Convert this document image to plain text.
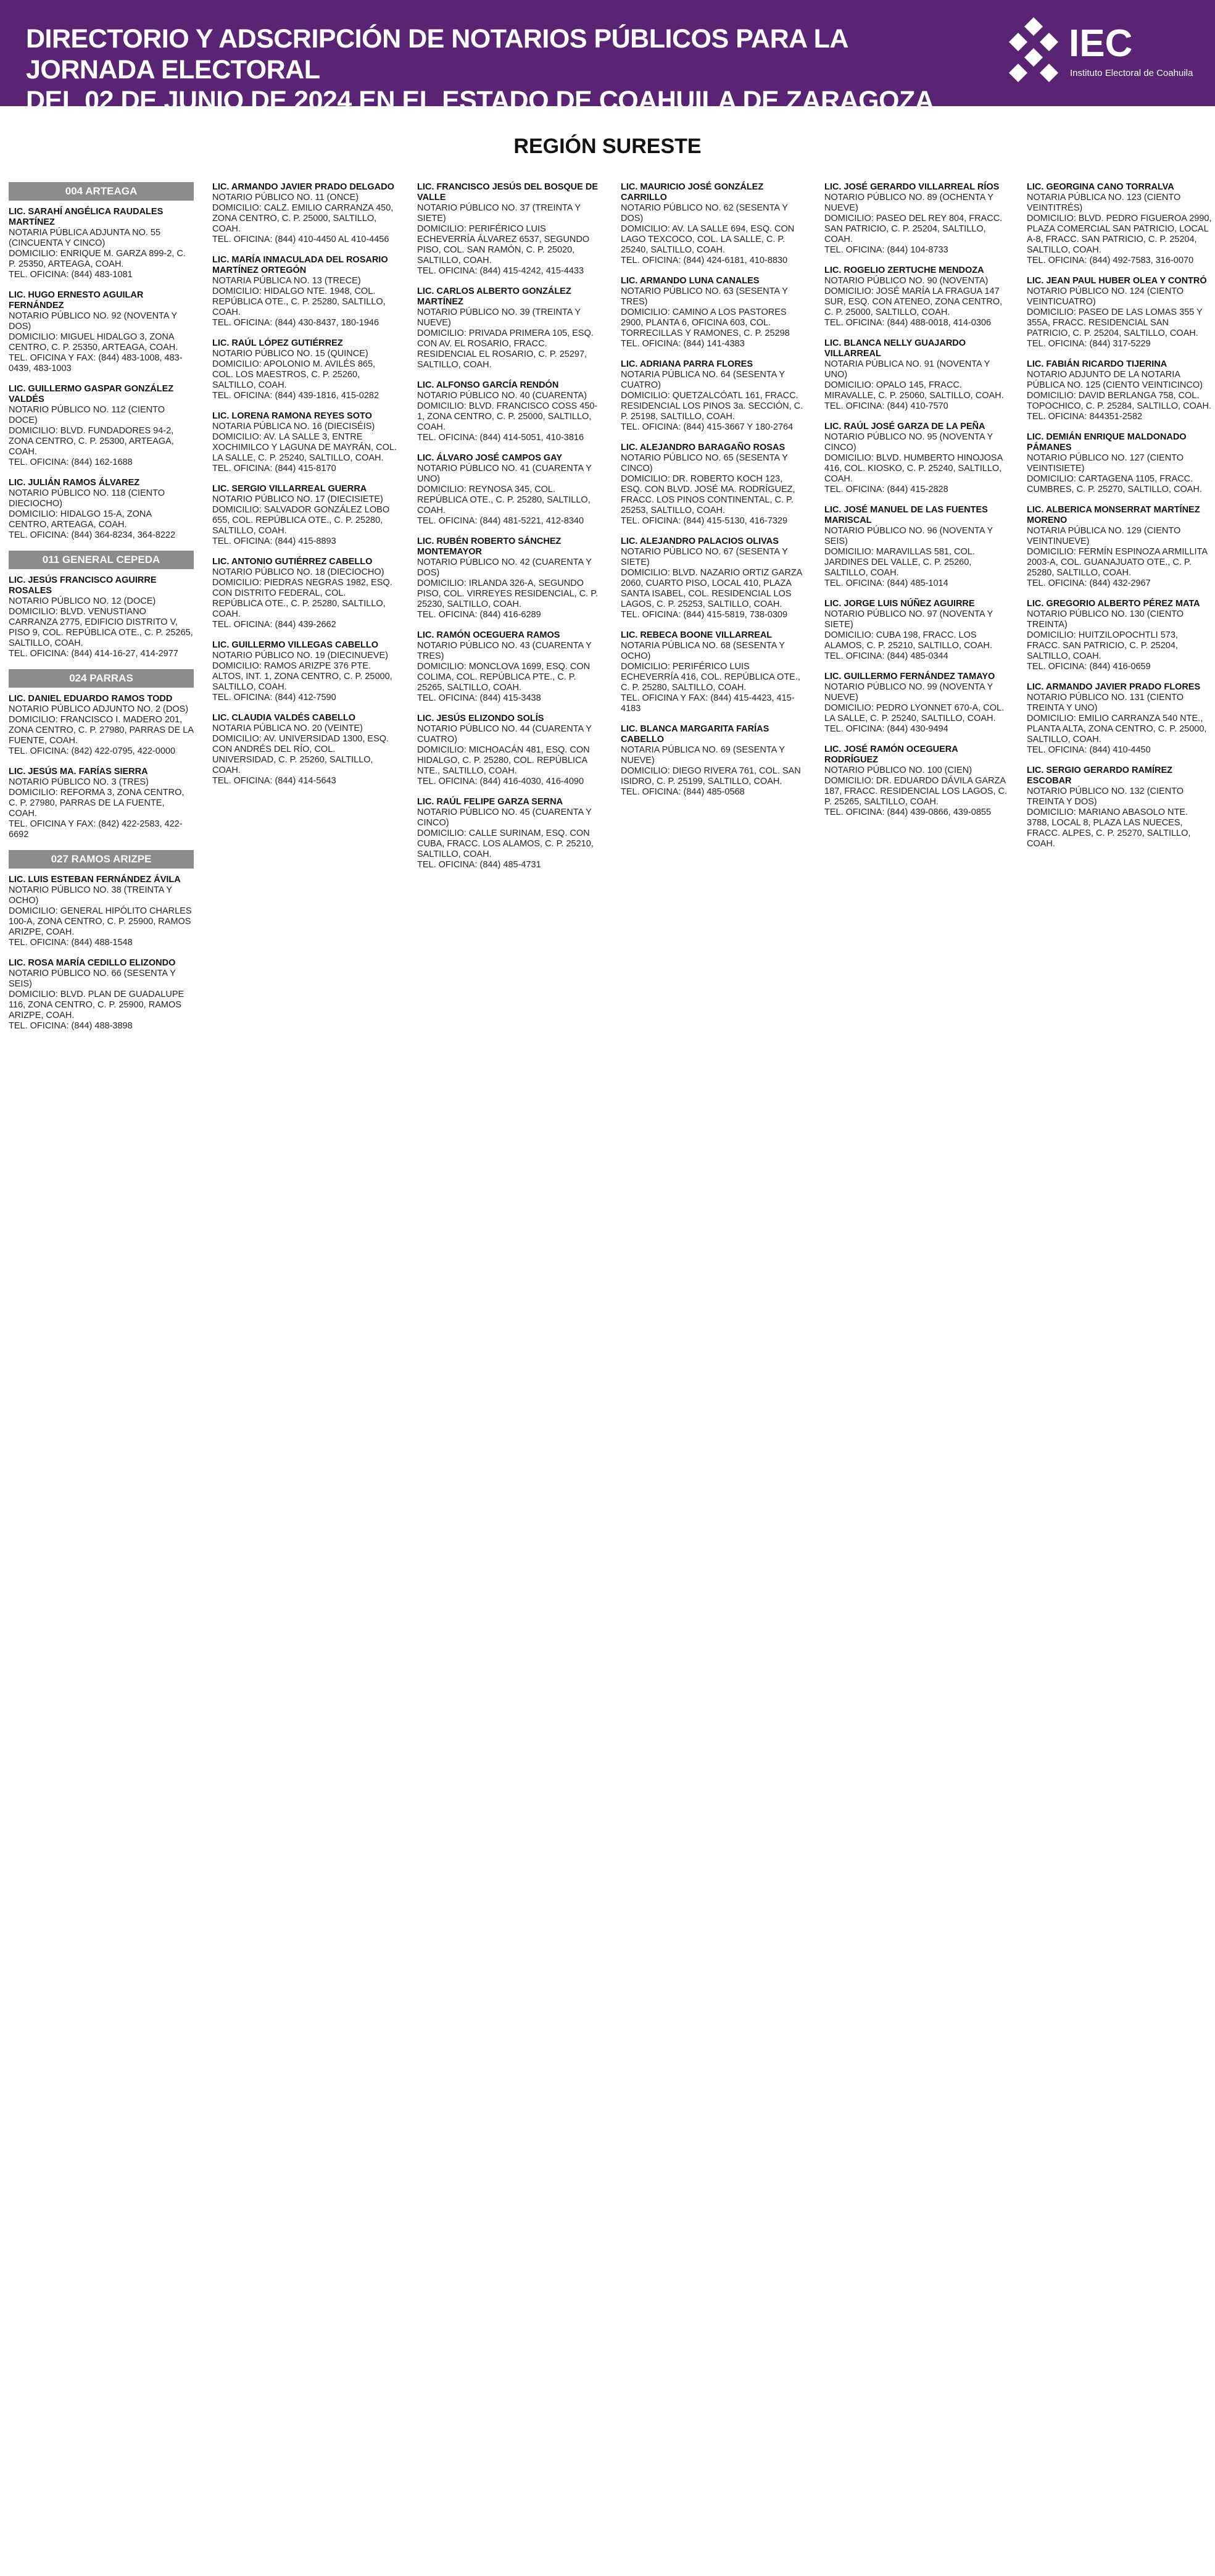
DIRECTORIO Y ADSCRIPCIÓN DE NOTARIOS PÚBLICOS PARA LA JORNADA ELECTORAL
DEL 02 DE JUNIO DE 2024 EN EL ESTADO DE COAHUILA DE ZARAGOZA
IEC
Instituto Electoral de Coahuila
REGIÓN SURESTE
004 ARTEAGA
LIC. SARAHÍ ANGÉLICA RAUDALES MARTÍNEZ
NOTARIA PÚBLICA ADJUNTA NO. 55 (CINCUENTA Y CINCO)
DOMICILIO: ENRIQUE M. GARZA 899-2, C. P. 25350, ARTEAGA, COAH.
TEL. OFICINA: (844) 483-1081
LIC. HUGO ERNESTO AGUILAR FERNÁNDEZ
NOTARIO PÚBLICO NO. 92 (NOVENTA Y DOS)
DOMICILIO: MIGUEL HIDALGO 3, ZONA CENTRO, C. P. 25350, ARTEAGA, COAH.
TEL. OFICINA Y FAX: (844) 483-1008, 483-0439, 483-1003
LIC. GUILLERMO GASPAR GONZÁLEZ VALDÉS
NOTARIO PÚBLICO NO. 112 (CIENTO DOCE)
DOMICILIO: BLVD. FUNDADORES 94-2, ZONA CENTRO, C. P. 25300, ARTEAGA, COAH.
TEL. OFICINA: (844) 162-1688
LIC. JULIÁN RAMOS ÁLVAREZ
NOTARIO PÚBLICO NO. 118 (CIENTO DIECIOCHO)
DOMICILIO: HIDALGO 15-A, ZONA CENTRO, ARTEAGA, COAH.
TEL. OFICINA: (844) 364-8234, 364-8222
011 GENERAL CEPEDA
LIC. JESÚS FRANCISCO AGUIRRE ROSALES
NOTARIO PÚBLICO NO. 12 (DOCE)
DOMICILIO: BLVD. VENUSTIANO CARRANZA 2775, EDIFICIO DISTRITO V, PISO 9, COL. REPÚBLICA OTE., C. P. 25265, SALTILLO, COAH.
TEL. OFICINA: (844) 414-16-27, 414-2977
024 PARRAS
LIC. DANIEL EDUARDO RAMOS TODD
NOTARIO PÚBLICO ADJUNTO NO. 2 (DOS)
DOMICILIO: FRANCISCO I. MADERO 201, ZONA CENTRO, C. P. 27980, PARRAS DE LA FUENTE, COAH.
TEL. OFICINA: (842) 422-0795, 422-0000
LIC. JESÚS MA. FARÍAS SIERRA
NOTARIO PÚBLICO NO. 3 (TRES)
DOMICILIO: REFORMA 3, ZONA CENTRO, C. P. 27980, PARRAS DE LA FUENTE, COAH.
TEL. OFICINA Y FAX: (842) 422-2583, 422-6692
027 RAMOS ARIZPE
LIC. LUIS ESTEBAN FERNÁNDEZ ÁVILA
NOTARIO PÚBLICO NO. 38 (TREINTA Y OCHO)
DOMICILIO: GENERAL HIPÓLITO CHARLES 100-A, ZONA CENTRO, C. P. 25900, RAMOS ARIZPE, COAH.
TEL. OFICINA: (844) 488-1548
LIC. ROSA MARÍA CEDILLO ELIZONDO
NOTARIO PÚBLICO NO. 66 (SESENTA Y SEIS)
DOMICILIO: BLVD. PLAN DE GUADALUPE 116, ZONA CENTRO, C. P. 25900, RAMOS ARIZPE, COAH.
TEL. OFICINA: (844) 488-3898
LIC. ARMANDO JAVIER PRADO DELGADO
NOTARIO PÚBLICO NO. 11 (ONCE)
DOMICILIO: CALZ. EMILIO CARRANZA 450, ZONA CENTRO, C. P. 25000, SALTILLO, COAH.
TEL. OFICINA: (844) 410-4450 AL 410-4456
LIC. MARÍA INMACULADA DEL ROSARIO MARTÍNEZ ORTEGÓN
NOTARIA PÚBLICA NO. 13 (TRECE)
DOMICILIO: HIDALGO NTE. 1948, COL. REPÚBLICA OTE., C. P. 25280, SALTILLO, COAH.
TEL. OFICINA: (844) 430-8437, 180-1946
LIC. RAÚL LÓPEZ GUTIÉRREZ
NOTARIO PÚBLICO NO. 15 (QUINCE)
DOMICILIO: APOLONIO M. AVILÉS 865, COL. LOS MAESTROS, C. P. 25260, SALTILLO, COAH.
TEL. OFICINA: (844) 439-1816, 415-0282
LIC. LORENA RAMONA REYES SOTO
NOTARIA PÚBLICA NO. 16 (DIECISÉIS)
DOMICILIO: AV. LA SALLE 3, ENTRE XOCHIMILCO Y LAGUNA DE MAYRÁN, COL. LA SALLE, C. P. 25240, SALTILLO, COAH.
TEL. OFICINA: (844) 415-8170
LIC. SERGIO VILLARREAL GUERRA
NOTARIO PÚBLICO NO. 17 (DIECISIETE)
DOMICILIO: SALVADOR GONZÁLEZ LOBO 655, COL. REPÚBLICA OTE., C. P. 25280, SALTILLO, COAH.
TEL. OFICINA: (844) 415-8893
LIC. ANTONIO GUTIÉRREZ CABELLO
NOTARIO PÚBLICO NO. 18 (DIECIOCHO)
DOMICILIO: PIEDRAS NEGRAS 1982, ESQ. CON DISTRITO FEDERAL, COL. REPÚBLICA OTE., C. P. 25280, SALTILLO, COAH.
TEL. OFICINA: (844) 439-2662
LIC. GUILLERMO VILLEGAS CABELLO
NOTARIO PÚBLICO NO. 19 (DIECINUEVE)
DOMICILIO: RAMOS ARIZPE 376 PTE. ALTOS, INT. 1, ZONA CENTRO, C. P. 25000, SALTILLO, COAH.
TEL. OFICINA: (844) 412-7590
LIC. CLAUDIA VALDÉS CABELLO
NOTARIA PÚBLICA NO. 20 (VEINTE)
DOMICILIO: AV. UNIVERSIDAD 1300, ESQ. CON ANDRÉS DEL RÍO, COL. UNIVERSIDAD, C. P. 25260, SALTILLO, COAH.
TEL. OFICINA: (844) 414-5643
LIC. FRANCISCO JESÚS DEL BOSQUE DE VALLE
NOTARIO PÚBLICO NO. 37 (TREINTA Y SIETE)
DOMICILIO: PERIFÉRICO LUIS ECHEVERRÍA ÁLVAREZ 6537, SEGUNDO PISO, COL. SAN RAMÓN, C. P. 25020, SALTILLO, COAH.
TEL. OFICINA: (844) 415-4242, 415-4433
LIC. CARLOS ALBERTO GONZÁLEZ MARTÍNEZ
NOTARIO PÚBLICO NO. 39 (TREINTA Y NUEVE)
DOMICILIO: PRIVADA PRIMERA 105, ESQ. CON AV. EL ROSARIO, FRACC. RESIDENCIAL EL ROSARIO, C. P. 25297, SALTILLO, COAH.
LIC. ALFONSO GARCÍA RENDÓN
NOTARIO PÚBLICO NO. 40 (CUARENTA)
DOMICILIO: BLVD. FRANCISCO COSS 450-1, ZONA CENTRO, C. P. 25000, SALTILLO, COAH.
TEL. OFICINA: (844) 414-5051, 410-3816
LIC. ÁLVARO JOSÉ CAMPOS GAY
NOTARIO PÚBLICO NO. 41 (CUARENTA Y UNO)
DOMICILIO: REYNOSA 345, COL. REPÚBLICA OTE., C. P. 25280, SALTILLO, COAH.
TEL. OFICINA: (844) 481-5221, 412-8340
LIC. RUBÉN ROBERTO SÁNCHEZ MONTEMAYOR
NOTARIO PÚBLICO NO. 42 (CUARENTA Y DOS)
DOMICILIO: IRLANDA 326-A, SEGUNDO PISO, COL. VIRREYES RESIDENCIAL, C. P. 25230, SALTILLO, COAH.
TEL. OFICINA: (844) 416-6289
LIC. RAMÓN OCEGUERA RAMOS
NOTARIO PÚBLICO NO. 43 (CUARENTA Y TRES)
DOMICILIO: MONCLOVA 1699, ESQ. CON COLIMA, COL. REPÚBLICA PTE., C. P. 25265, SALTILLO, COAH.
TEL. OFICINA: (844) 415-3438
LIC. JESÚS ELIZONDO SOLÍS
NOTARIO PÚBLICO NO. 44 (CUARENTA Y CUATRO)
DOMICILIO: MICHOACÁN 481, ESQ. CON HIDALGO, C. P. 25280, COL. REPÚBLICA NTE., SALTILLO, COAH.
TEL. OFICINA: (844) 416-4030, 416-4090
LIC. RAÚL FELIPE GARZA SERNA
NOTARIO PÚBLICO NO. 45 (CUARENTA Y CINCO)
DOMICILIO: CALLE SURINAM, ESQ. CON CUBA, FRACC. LOS ALAMOS, C. P. 25210, SALTILLO, COAH.
TEL. OFICINA: (844) 485-4731
LIC. MAURICIO JOSÉ GONZÁLEZ CARRILLO
NOTARIO PÚBLICO NO. 62 (SESENTA Y DOS)
DOMICILIO: AV. LA SALLE 694, ESQ. CON LAGO TEXCOCO, COL. LA SALLE, C. P. 25240, SALTILLO, COAH.
TEL. OFICINA: (844) 424-6181, 410-8830
LIC. ARMANDO LUNA CANALES
NOTARIO PÚBLICO NO. 63 (SESENTA Y TRES)
DOMICILIO: CAMINO A LOS PASTORES 2900, PLANTA 6, OFICINA 603, COL. TORRECILLAS Y RAMONES, C. P. 25298
TEL. OFICINA: (844) 141-4383
LIC. ADRIANA PARRA FLORES
NOTARIA PÚBLICA NO. 64 (SESENTA Y CUATRO)
DOMICILIO: QUETZALCÓATL 161, FRACC. RESIDENCIAL LOS PINOS 3a. SECCIÓN, C. P. 25198, SALTILLO, COAH.
TEL. OFICINA: (844) 415-3667 Y 180-2764
LIC. ALEJANDRO BARAGAÑO ROSAS
NOTARIO PÚBLICO NO. 65 (SESENTA Y CINCO)
DOMICILIO: DR. ROBERTO KOCH 123, ESQ. CON BLVD. JOSÉ MA. RODRÍGUEZ, FRACC. LOS PINOS CONTINENTAL, C. P. 25253, SALTILLO, COAH.
TEL. OFICINA: (844) 415-5130, 416-7329
LIC. ALEJANDRO PALACIOS OLIVAS
NOTARIO PÚBLICO NO. 67 (SESENTA Y SIETE)
DOMICILIO: BLVD. NAZARIO ORTIZ GARZA 2060, CUARTO PISO, LOCAL 410, PLAZA SANTA ISABEL, COL. RESIDENCIAL LOS LAGOS, C. P. 25253, SALTILLO, COAH.
TEL. OFICINA: (844) 415-5819, 738-0309
LIC. REBECA BOONE VILLARREAL
NOTARIA PÚBLICA NO. 68 (SESENTA Y OCHO)
DOMICILIO: PERIFÉRICO LUIS ECHEVERRÍA 416, COL. REPÚBLICA OTE., C. P. 25280, SALTILLO, COAH.
TEL. OFICINA Y FAX: (844) 415-4423, 415-4183
LIC. BLANCA MARGARITA FARÍAS CABELLO
NOTARIA PÚBLICA NO. 69 (SESENTA Y NUEVE)
DOMICILIO: DIEGO RIVERA 761, COL. SAN ISIDRO, C. P. 25199, SALTILLO, COAH.
TEL. OFICINA: (844) 485-0568
LIC. JOSÉ GERARDO VILLARREAL RÍOS
NOTARIO PÚBLICO NO. 89 (OCHENTA Y NUEVE)
DOMICILIO: PASEO DEL REY 804, FRACC. SAN PATRICIO, C. P. 25204, SALTILLO, COAH.
TEL. OFICINA: (844) 104-8733
LIC. ROGELIO ZERTUCHE MENDOZA
NOTARIO PÚBLICO NO. 90 (NOVENTA)
DOMICILIO: JOSÉ MARÍA LA FRAGUA 147 SUR, ESQ. CON ATENEO, ZONA CENTRO, C. P. 25000, SALTILLO, COAH.
TEL. OFICINA: (844) 488-0018, 414-0306
LIC. BLANCA NELLY GUAJARDO VILLARREAL
NOTARIA PÚBLICA NO. 91 (NOVENTA Y UNO)
DOMICILIO: OPALO 145, FRACC. MIRAVALLE, C. P. 25060, SALTILLO, COAH.
TEL. OFICINA: (844) 410-7570
LIC. RAÚL JOSÉ GARZA DE LA PEÑA
NOTARIO PÚBLICO NO. 95 (NOVENTA Y CINCO)
DOMICILIO: BLVD. HUMBERTO HINOJOSA 416, COL. KIOSKO, C. P. 25240, SALTILLO, COAH.
TEL. OFICINA: (844) 415-2828
LIC. JOSÉ MANUEL DE LAS FUENTES MARISCAL
NOTARIO PÚBLICO NO. 96 (NOVENTA Y SEIS)
DOMICILIO: MARAVILLAS 581, COL. JARDINES DEL VALLE, C. P. 25260, SALTILLO, COAH.
TEL. OFICINA: (844) 485-1014
LIC. JORGE LUIS NÚÑEZ AGUIRRE
NOTARIO PÚBLICO NO. 97 (NOVENTA Y SIETE)
DOMICILIO: CUBA 198, FRACC. LOS ALAMOS, C. P. 25210, SALTILLO, COAH.
TEL. OFICINA: (844) 485-0344
LIC. GUILLERMO FERNÁNDEZ TAMAYO
NOTARIO PÚBLICO NO. 99 (NOVENTA Y NUEVE)
DOMICILIO: PEDRO LYONNET 670-A, COL. LA SALLE, C. P. 25240, SALTILLO, COAH.
TEL. OFICINA: (844) 430-9494
LIC. JOSÉ RAMÓN OCEGUERA RODRÍGUEZ
NOTARIO PÚBLICO NO. 100 (CIEN)
DOMICILIO: DR. EDUARDO DÁVILA GARZA 187, FRACC. RESIDENCIAL LOS LAGOS, C. P. 25265, SALTILLO, COAH.
TEL. OFICINA: (844) 439-0866, 439-0855
LIC. GEORGINA CANO TORRALVA
NOTARIA PÚBLICA NO. 123 (CIENTO VEINTITRÉS)
DOMICILIO: BLVD. PEDRO FIGUEROA 2990, PLAZA COMERCIAL SAN PATRICIO, LOCAL A-8, FRACC. SAN PATRICIO, C. P. 25204, SALTILLO, COAH.
TEL. OFICINA: (844) 492-7583, 316-0070
LIC. JEAN PAUL HUBER OLEA Y CONTRÓ
NOTARIO PÚBLICO NO. 124 (CIENTO VEINTICUATRO)
DOMICILIO: PASEO DE LAS LOMAS 355 Y 355A, FRACC. RESIDENCIAL SAN PATRICIO, C. P. 25204, SALTILLO, COAH.
TEL. OFICINA: (844) 317-5229
LIC. FABIÁN RICARDO TIJERINA
NOTARIO ADJUNTO DE LA NOTARIA PÚBLICA NO. 125 (CIENTO VEINTICINCO)
DOMICILIO: DAVID BERLANGA 758, COL. TOPOCHICO, C. P. 25284, SALTILLO, COAH.
TEL. OFICINA: 844351-2582
LIC. DEMIÁN ENRIQUE MALDONADO PÁMANES
NOTARIO PÚBLICO NO. 127 (CIENTO VEINTISIETE)
DOMICILIO: CARTAGENA 1105, FRACC. CUMBRES, C. P. 25270, SALTILLO, COAH.
LIC. ALBERICA MONSERRAT MARTÍNEZ MORENO
NOTARIA PÚBLICA NO. 129 (CIENTO VEINTINUEVE)
DOMICILIO: FERMÍN ESPINOZA ARMILLITA 2003-A, COL. GUANAJUATO OTE., C. P. 25280, SALTILLO, COAH.
TEL. OFICINA: (844) 432-2967
LIC. GREGORIO ALBERTO PÉREZ MATA
NOTARIO PÚBLICO NO. 130 (CIENTO TREINTA)
DOMICILIO: HUITZILOPOCHTLI 573, FRACC. SAN PATRICIO, C. P. 25204, SALTILLO, COAH.
TEL. OFICINA: (844) 416-0659
LIC. ARMANDO JAVIER PRADO FLORES
NOTARIO PÚBLICO NO. 131 (CIENTO TREINTA Y UNO)
DOMICILIO: EMILIO CARRANZA 540 NTE., PLANTA ALTA, ZONA CENTRO, C. P. 25000, SALTILLO, COAH.
TEL. OFICINA: (844) 410-4450
LIC. SERGIO GERARDO RAMÍREZ ESCOBAR
NOTARIO PÚBLICO NO. 132 (CIENTO TREINTA Y DOS)
DOMICILIO: MARIANO ABASOLO NTE. 3788, LOCAL 8, PLAZA LAS NUECES, FRACC. ALPES, C. P. 25270, SALTILLO, COAH.
